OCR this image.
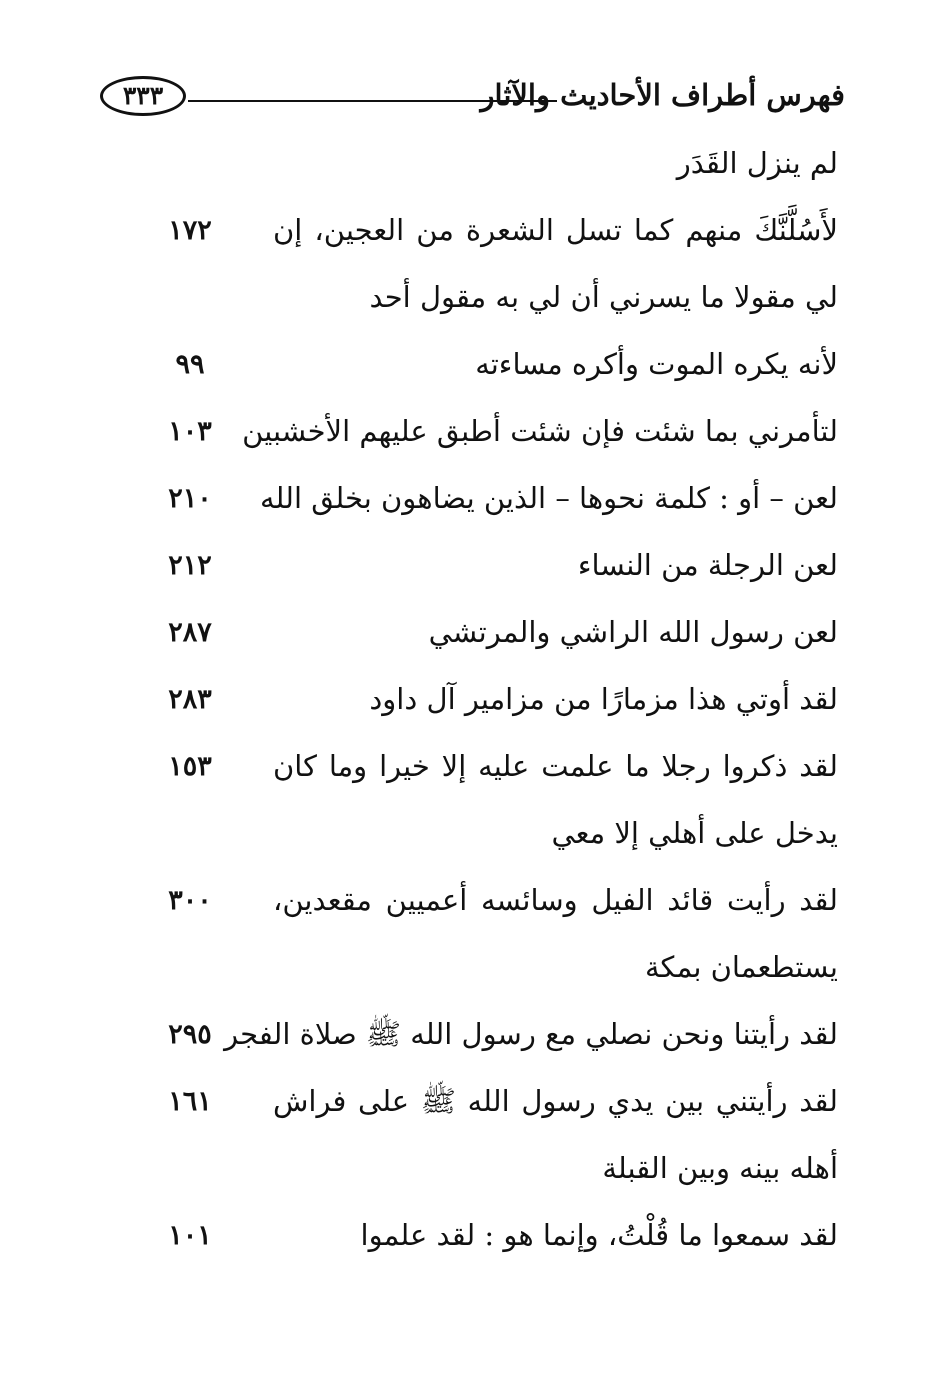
٣٣٣	فهرس أطراف الأحاديث والآثار
لم ينزل القَدَر
١٧٢	لأَسُلَّنَّكَ منهم كما تسل الشعرة من العجين، إن لي مقولا ما يسرني أن لي به مقول أحد
٩٩	لأنه يكره الموت وأكره مساءته
١٠٣	لتأمرني بما شئت فإن شئت أطبق عليهم الأخشبين
٢١٠	لعن – أو : كلمة نحوها – الذين يضاهون بخلق الله
٢١٢	لعن الرجلة من النساء
٢٨٧	لعن رسول الله الراشي والمرتشي
٢٨٣	لقد أوتي هذا مزمارًا من مزامير آل داود
١٥٣	لقد ذكروا رجلا ما علمت عليه إلا خيرا وما كان يدخل على أهلي إلا معي
٣٠٠	لقد رأيت قائد الفيل وسائسه أعميين مقعدين، يستطعمان بمكة
٢٩٥ لقد رأيتنا ونحن نصلي مع رسول الله ﷺ صلاة الفجر
١٦١	لقد رأيتني بين يدي رسول الله ﷺ على فراش أهله بينه وبين القبلة
١٠١	لقد سمعوا ما قُلْتُ، وإنما هو : لقد علموا
